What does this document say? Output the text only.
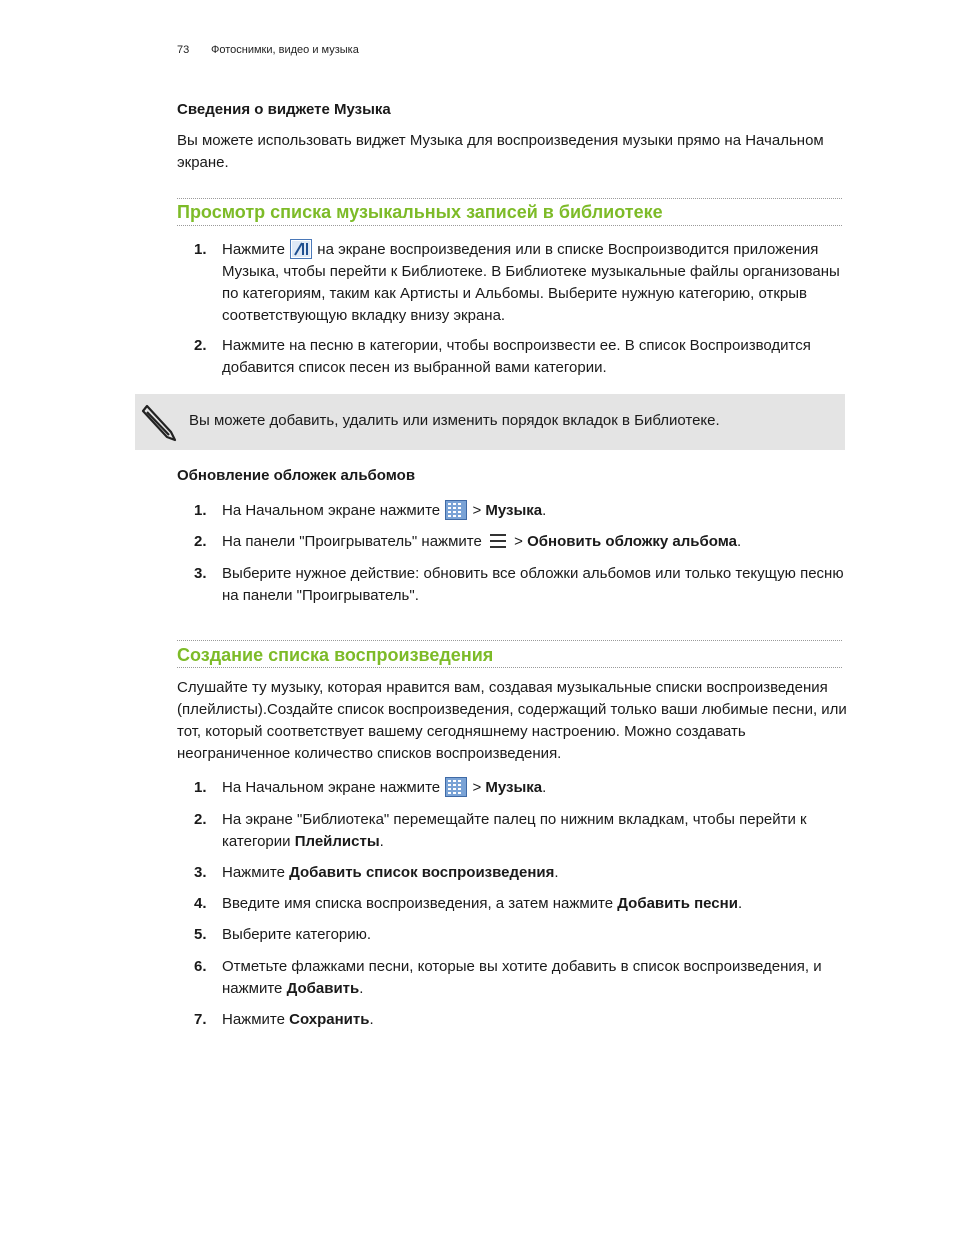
73 Фотоснимки, видео и музыка
Сведения о виджете Музыка
Вы можете использовать виджет Музыка для воспроизведения музыки прямо на Начальном экране.
Просмотр списка музыкальных записей в библиотеке
1. Нажмите на экране воспроизведения или в списке Воспроизводится приложения Музыка, чтобы перейти к Библиотеке. В Библиотеке музыкальные файлы организованы по категориям, таким как Артисты и Альбомы. Выберите нужную категорию, открыв соответствующую вкладку внизу экрана.
2. Нажмите на песню в категории, чтобы воспроизвести ее. В список Воспроизводится добавится список песен из выбранной вами категории.
Вы можете добавить, удалить или изменить порядок вкладок в Библиотеке.
Обновление обложек альбомов
1. На Начальном экране нажмите > Музыка.
2. На панели "Проигрыватель" нажмите > Обновить обложку альбома.
3. Выберите нужное действие: обновить все обложки альбомов или только текущую песню на панели "Проигрыватель".
Создание списка воспроизведения
Слушайте ту музыку, которая нравится вам, создавая музыкальные списки воспроизведения (плейлисты).Создайте список воспроизведения, содержащий только ваши любимые песни, или тот, который соответствует вашему сегодняшнему настроению. Можно создавать неограниченное количество списков воспроизведения.
1. На Начальном экране нажмите > Музыка.
2. На экране "Библиотека" перемещайте палец по нижним вкладкам, чтобы перейти к категории Плейлисты.
3. Нажмите Добавить список воспроизведения.
4. Введите имя списка воспроизведения, а затем нажмите Добавить песни.
5. Выберите категорию.
6. Отметьте флажками песни, которые вы хотите добавить в список воспроизведения, и нажмите Добавить.
7. Нажмите Сохранить.
